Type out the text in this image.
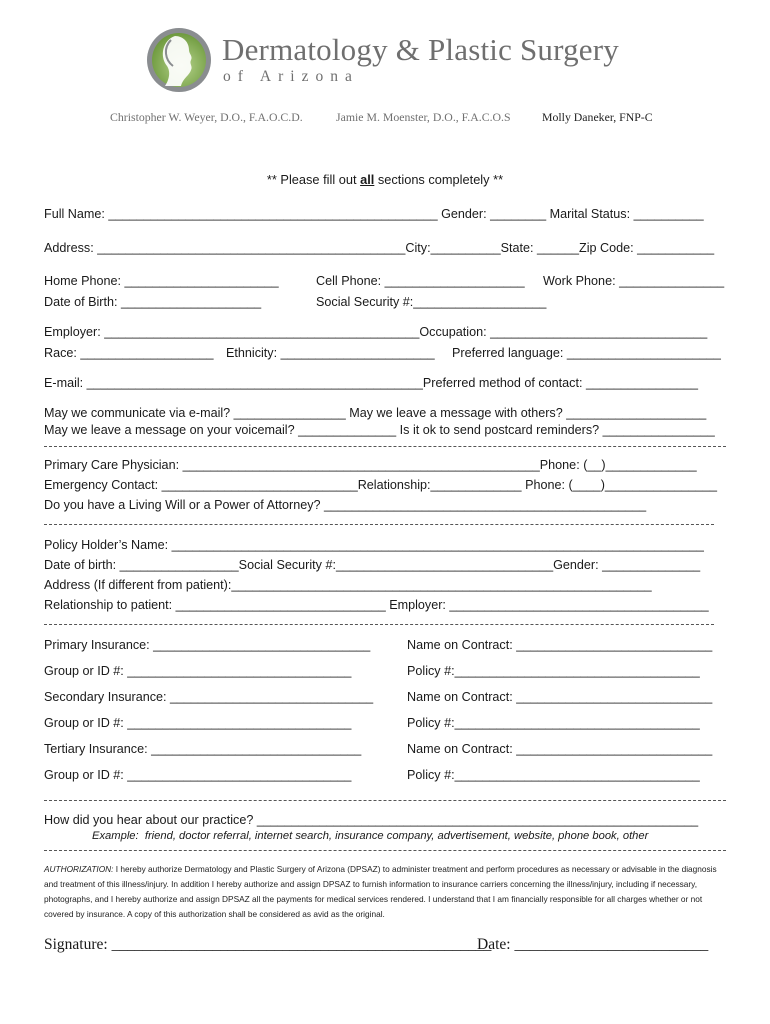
Dermatology & Plastic Surgery
of Arizona
Christopher W. Weyer, D.O., F.A.O.C.D.	Jamie M. Moenster, D.O., F.A.C.O.S	Molly Daneker, FNP-C
** Please fill out all sections completely **
Full Name: _______________________________________________ Gender: ________ Marital Status: __________
Address: ____________________________________________City:__________State: ______Zip Code: ___________
Home Phone: ______________________	Cell Phone: ____________________ Work Phone: _______________
Date of Birth: ____________________	Social Security #:___________________
Employer: _____________________________________________Occupation: _______________________________
Race: ___________________ Ethnicity: ______________________ Preferred language: ______________________
E-mail: ________________________________________________Preferred method of contact: ________________
May we communicate via e-mail? ________________ May we leave a message with others? ____________________
May we leave a message on your voicemail? ______________ Is it ok to send postcard reminders? ________________
Primary Care Physician: ___________________________________________________Phone: (__)_____________
Emergency Contact: ____________________________Relationship:_____________ Phone: (____)________________
Do you have a Living Will or a Power of Attorney? ______________________________________________
Policy Holder’s Name: ____________________________________________________________________________
Date of birth: _________________Social Security #:_______________________________Gender: ______________
Address (If different from patient):____________________________________________________________
Relationship to patient: ______________________________ Employer: _____________________________________
Primary Insurance: _______________________________	Name on Contract: ____________________________
Group or ID #: ________________________________	Policy #:___________________________________
Secondary Insurance: _____________________________	Name on Contract: ____________________________
Group or ID #: ________________________________	Policy #:___________________________________
Tertiary Insurance: ______________________________	Name on Contract: ____________________________
Group or ID #: ________________________________	Policy #:___________________________________
How did you hear about our practice? _______________________________________________________________
Example:  friend, doctor referral, internet search, insurance company, advertisement, website, phone book, other
AUTHORIZATION: I hereby authorize Dermatology and Plastic Surgery of Arizona (DPSAZ) to administer treatment and perform procedures as necessary or advisable in the diagnosis and treatment of this illness/injury. In addition I hereby authorize and assign DPSAZ to furnish information to insurance carriers concerning the illness/injury, including if necessary, photographs, and I hereby authorize and assign DPSAZ all the payments for medical services rendered. I understand that I am financially responsible for all charges whether or not covered by insurance. A copy of this authorization shall be considered as avid as the original.
Signature: _________________________________________________
Date: _________________________
